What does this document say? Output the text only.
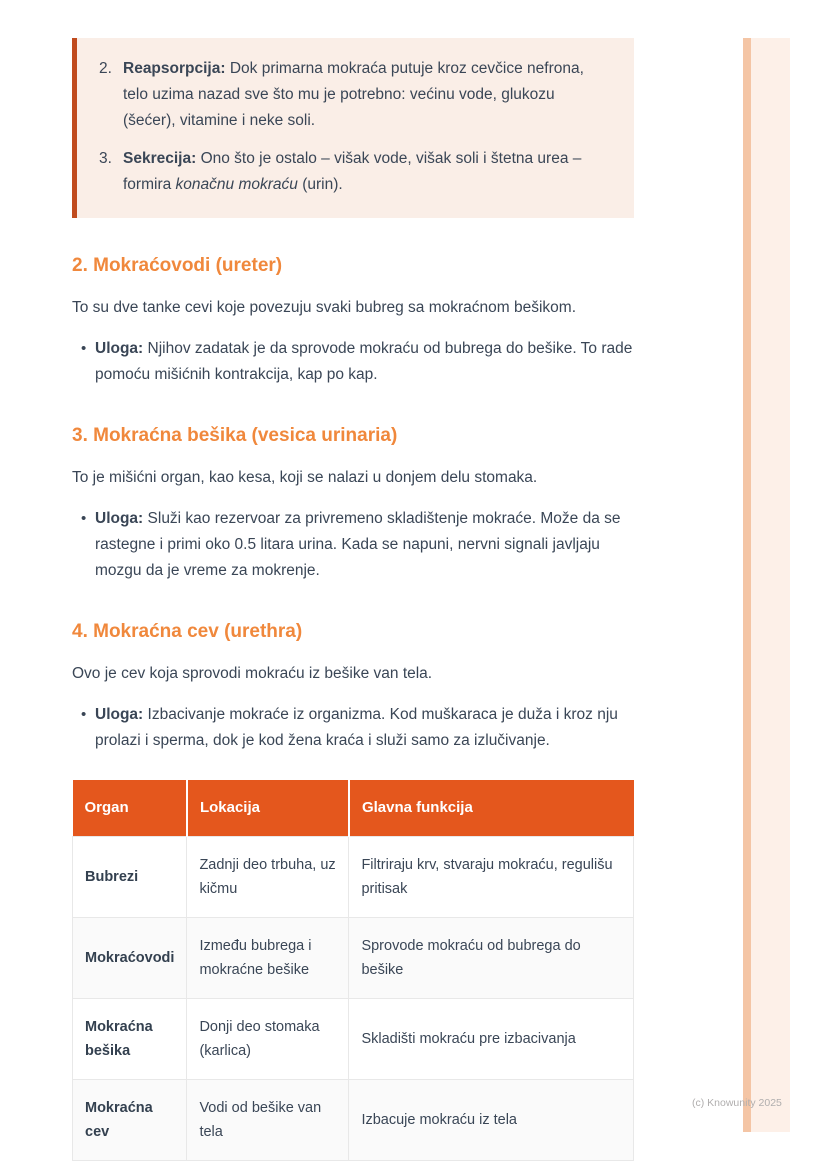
2. Reapsorpcija: Dok primarna mokraća putuje kroz cevčice nefrona, telo uzima nazad sve što mu je potrebno: većinu vode, glukozu (šećer), vitamine i neke soli.

3. Sekrecija: Ono što je ostalo – višak vode, višak soli i štetna urea – formira konačnu mokraću (urin).

2. Mokraćovodi (ureter)

To su dve tanke cevi koje povezuju svaki bubreg sa mokraćnom bešikom.

• Uloga: Njihov zadatak je da sprovode mokraću od bubrega do bešike. To rade pomoću mišićnih kontrakcija, kap po kap.
3. Mokraćna bešika (vesica urinaria)

To je mišićni organ, kao kesa, koji se nalazi u donjem delu stomaka.

• Uloga: Služi kao rezervoar za privremeno skladištenje mokraće. Može da se rastegne i primi oko 0.5 litara urina. Kada se napuni, nervni signali javljaju mozgu da je vreme za mokrenje.
4. Mokraćna cev (urethra)

Ovo je cev koja sprovodi mokraću iz bešike van tela.

• Uloga: Izbacivanje mokraće iz organizma. Kod muškaraca je duža i kroz nju prolazi i sperma, dok je kod žena kraća i služi samo za izlučivanje.
Organ	Lokacija	Glavna funkcija
Bubrezi	Zadnji deo trbuha, uz kičmu	Filtriraju krv, stvaraju mokraću, regulišu pritisak
Mokraćovodi	Između bubrega i mokraćne bešike	Sprovode mokraću od bubrega do bešike
Mokraćna bešika	Donji deo stomaka (karlica)	Skladišti mokraću pre izbacivanja
Mokraćna cev	Vodi od bešike van tela	Izbacuje mokraću iz tela
(c) Knowunity 2025
